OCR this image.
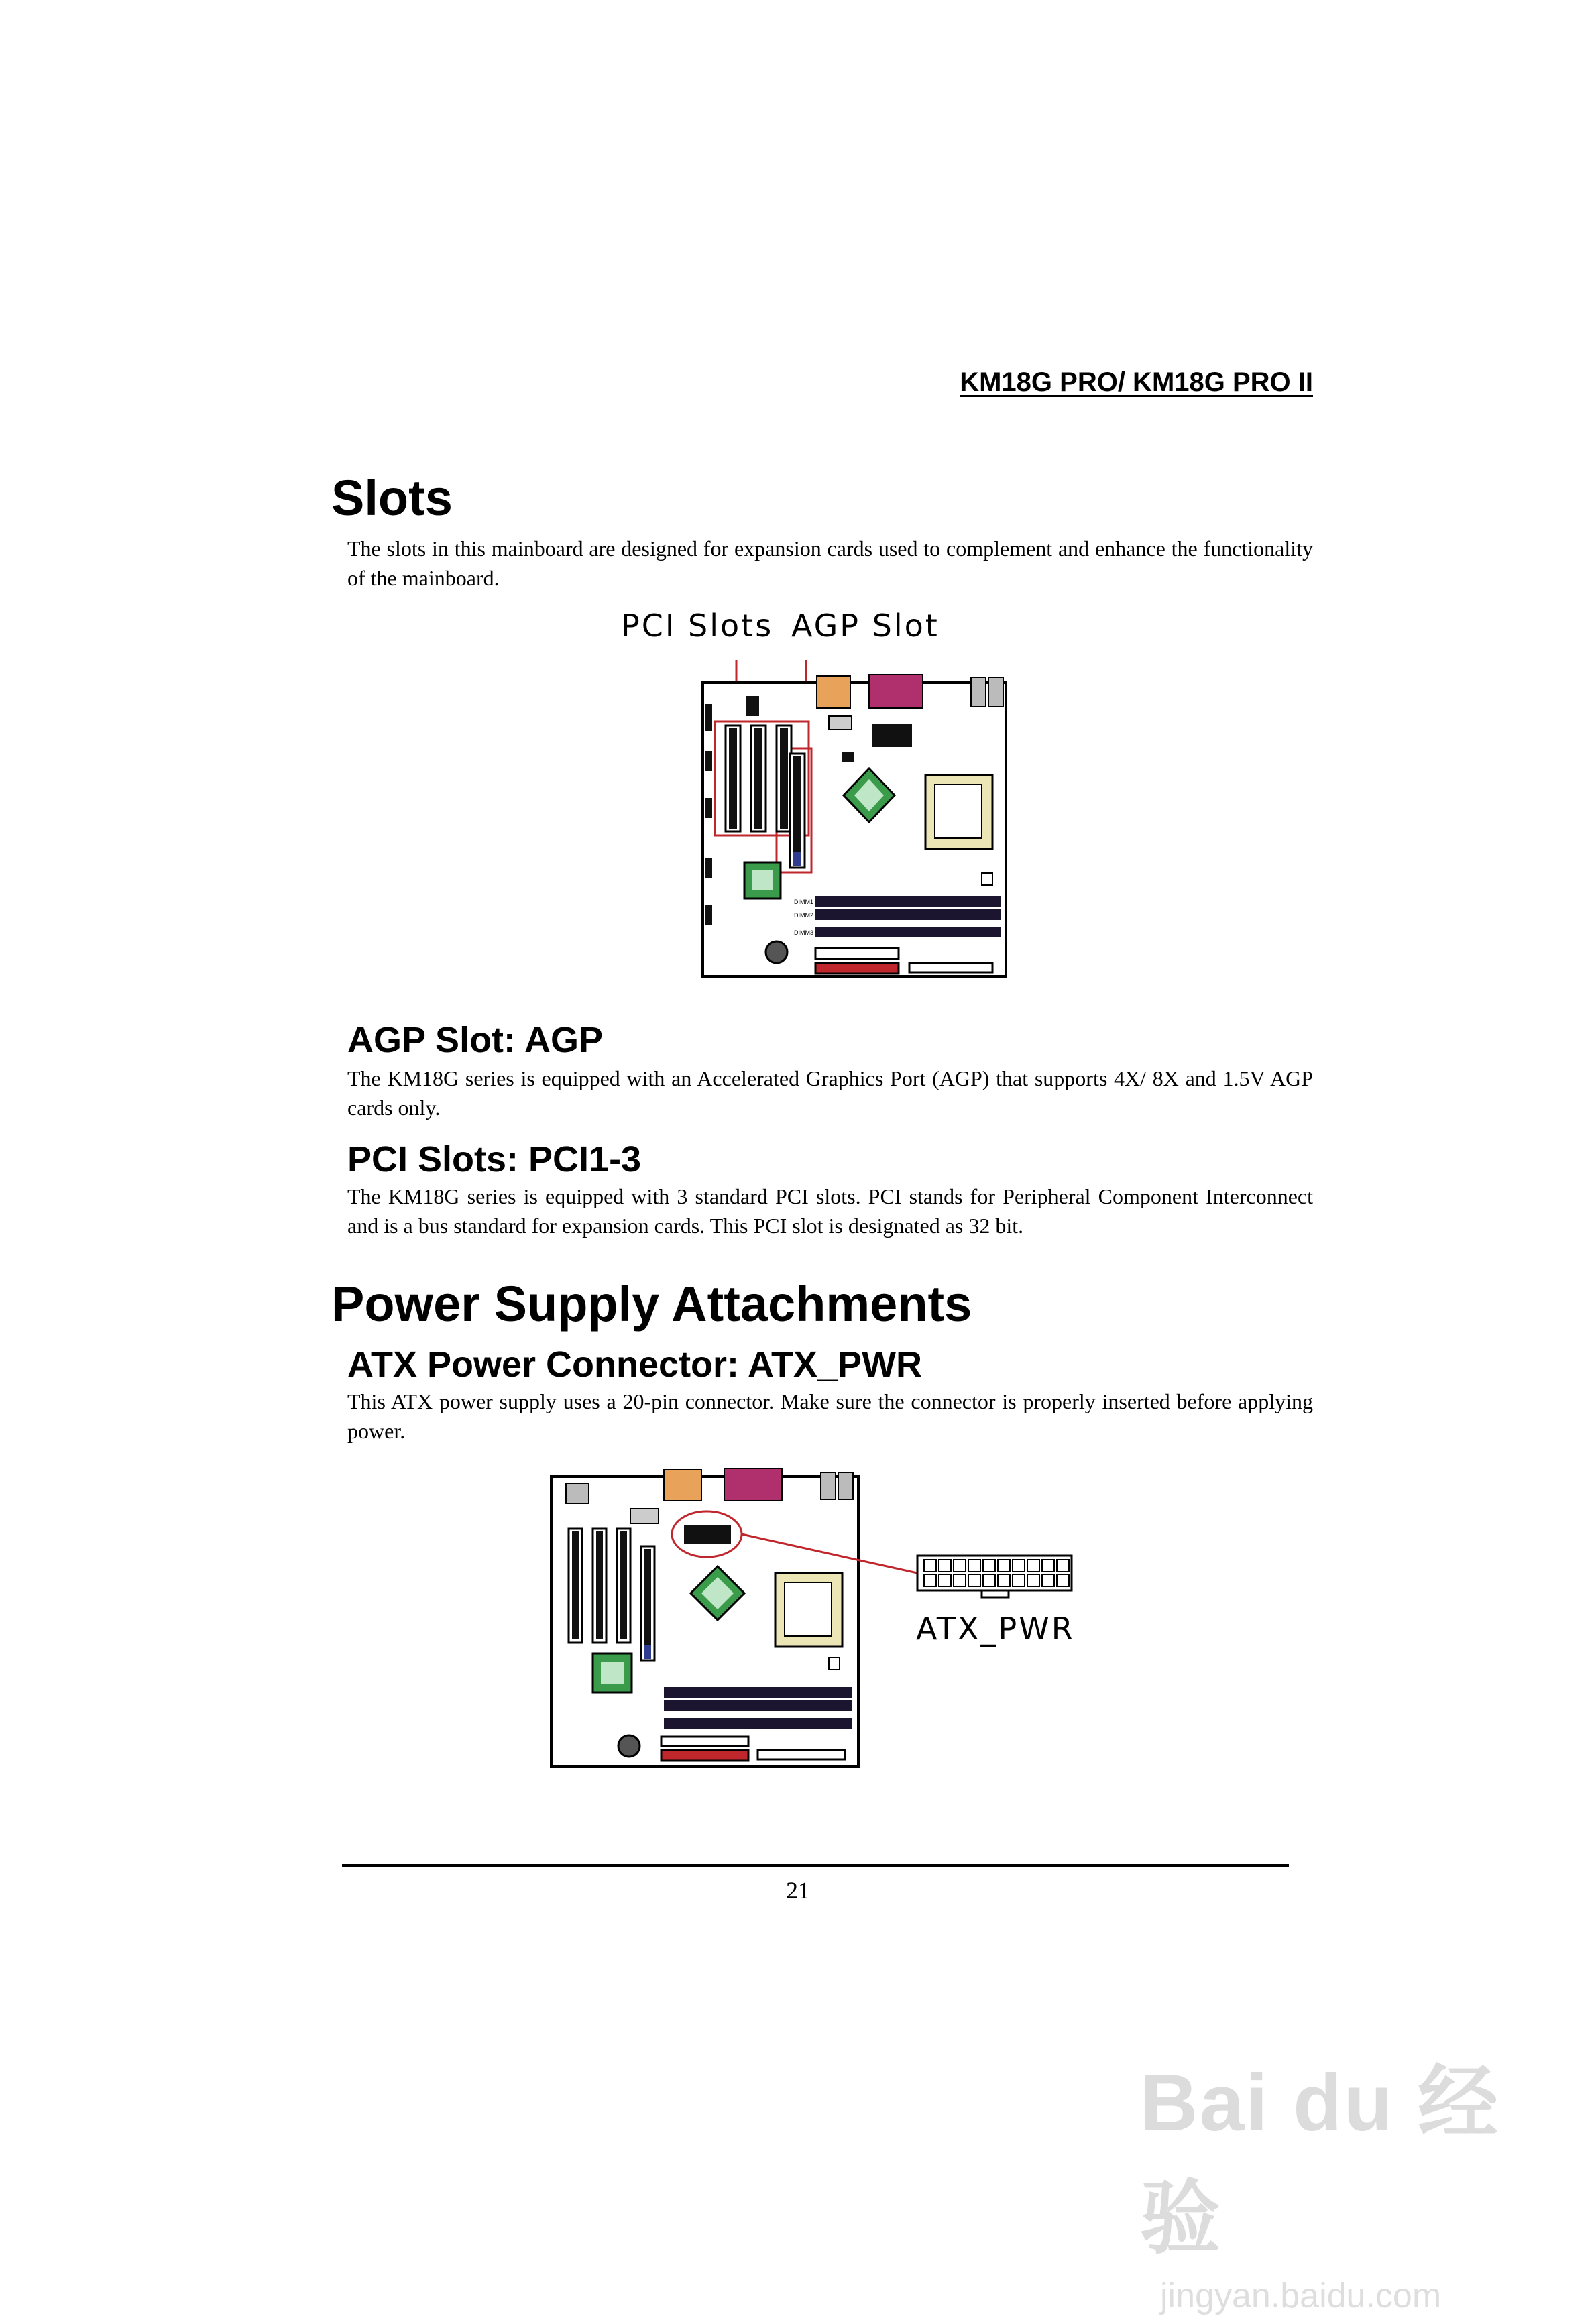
KM18G PRO/ KM18G PRO II
Slots
The slots in this mainboard are designed for expansion cards used to complement and enhance the functionality of the mainboard.
PCI Slots AGP Slot
DIMM1
DIMM2
DIMM3
AGP Slot: AGP
The KM18G series is equipped with an Accelerated Graphics Port (AGP) that supports 4X/ 8X and 1.5V AGP cards only.
PCI Slots: PCI1-3
The KM18G series is equipped with 3 standard PCI slots. PCI stands for Peripheral Component Interconnect and is a bus standard for expansion cards. This PCI slot is designated as 32 bit.
Power Supply Attachments
ATX Power Connector: ATX_PWR
This ATX power supply uses a 20-pin connector. Make sure the connector is properly inserted before applying power.
ATX_PWR
21
Bai du 经验
jingyan.baidu.com
